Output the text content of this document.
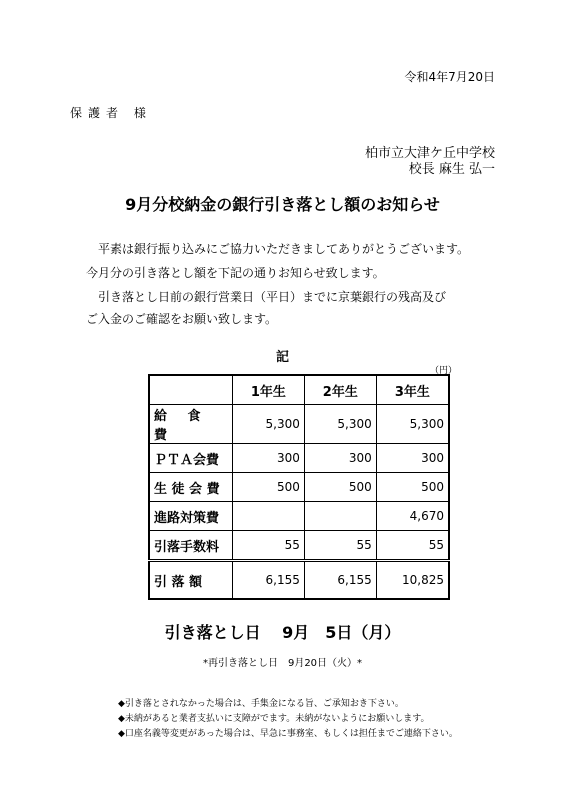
令和4年7月20日
保護者 様
柏市立大津ケ丘中学校
校長 麻生 弘一
9月分校納金の銀行引き落とし額のお知らせ
平素は銀行振り込みにご協力いただきましてありがとうございます。
今月分の引き落とし額を下記の通りお知らせ致します。
引き落とし日前の銀行営業日（平日）までに京葉銀行の残高及び
ご入金のご確認をお願い致します。
記
（円）
	1年生	2年生	3年生
給 食 費	5,300	5,300	5,300
ＰＴＡ会費	300	300	300
生 徒 会 費	500	500	500
進路対策費			4,670
引落手数料	55	55	55
引 落 額	6,155	6,155	10,825
引き落とし日　 9月　5日（月）
*再引き落とし日　9月20日（火）*
◆引き落とされなかった場合は、手集金になる旨、ご承知おき下さい。
◆未納があると業者支払いに支障がでます。未納がないようにお願いします。
◆口座名義等変更があった場合は、早急に事務室、もしくは担任までご連絡下さい。
